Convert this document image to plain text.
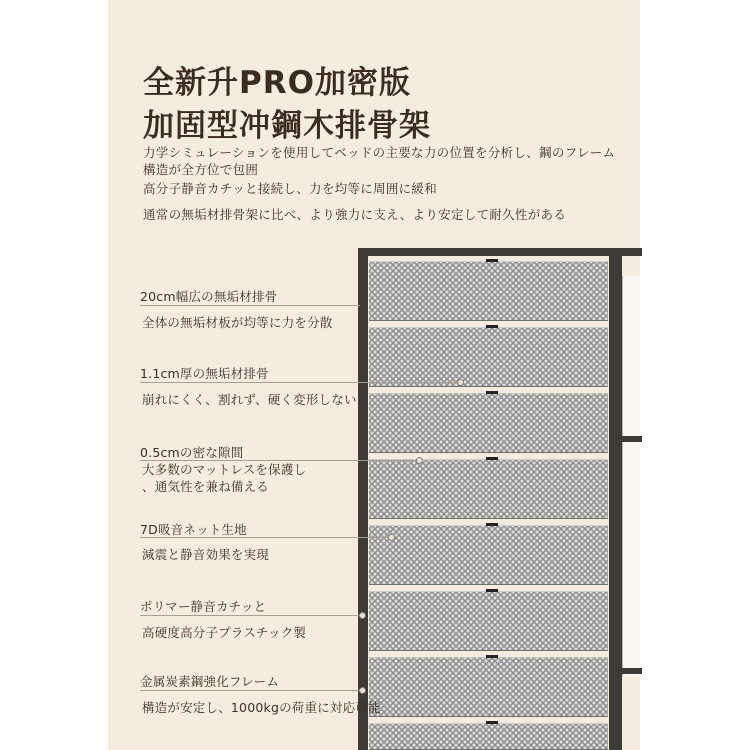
全新升PRO加密版
加固型冲鋼木排骨架
力学シミュレーションを使用してベッドの主要な力の位置を分析し、鋼のフレーム
構造が全方位で包囲
高分子静音カチッと接続し、力を均等に周囲に緩和
通常の無垢材排骨架に比べ、より強力に支え、より安定して耐久性がある
20cm幅広の無垢材排骨
全体の無垢材板が均等に力を分散
1.1cm厚の無垢材排骨
崩れにくく、割れず、硬く変形しない
0.5cmの密な隙間
大多数のマットレスを保護し
、通気性を兼ね備える
7D吸音ネット生地
減震と静音効果を実現
ポリマー静音カチッと
高硬度高分子プラスチック製
金属炭素鋼強化フレーム
構造が安定し、1000kgの荷重に対応可能
